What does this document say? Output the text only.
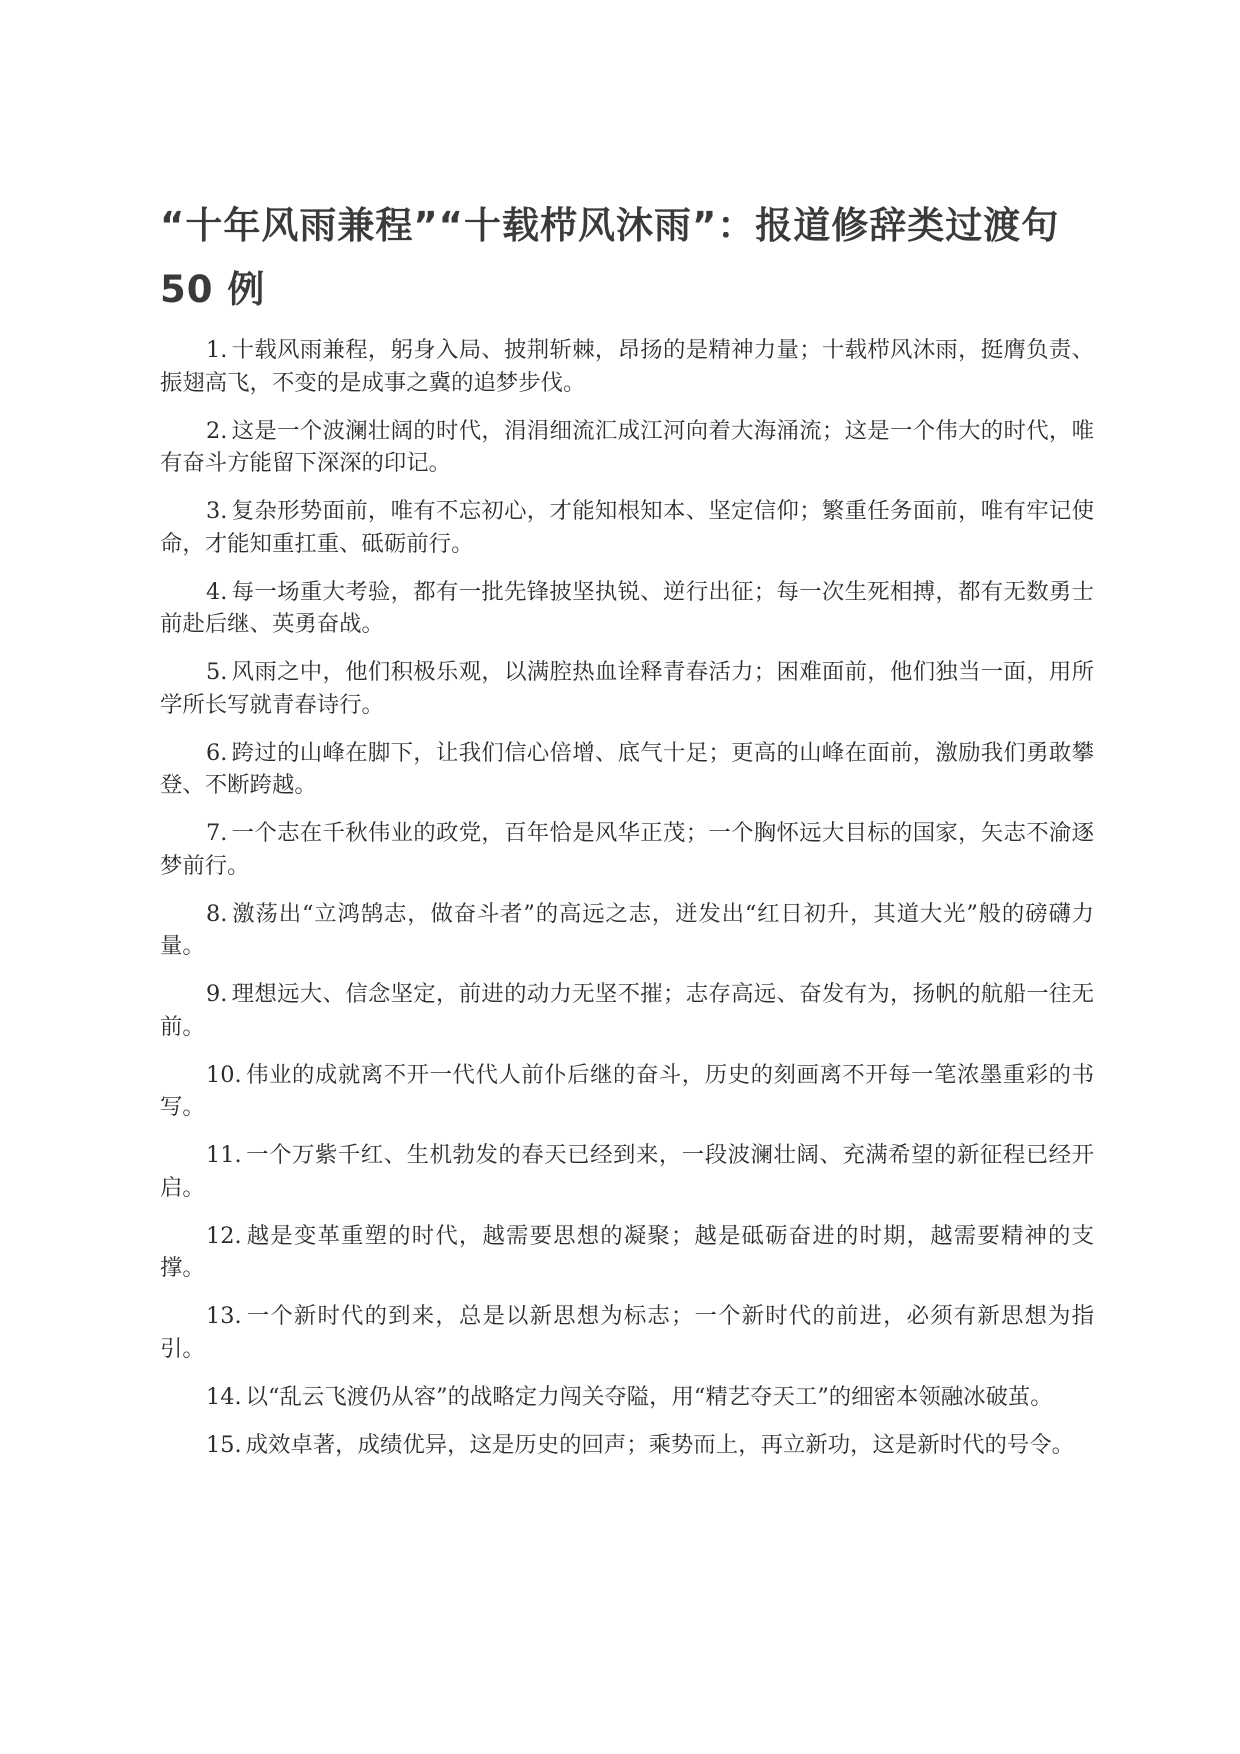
“十年风雨兼程”“十载栉风沐雨”：报道修辞类过渡句 50 例

1. 十载风雨兼程，躬身入局、披荆斩棘，昂扬的是精神力量；十载栉风沐雨，挺膺负责、振翅高飞，不变的是成事之冀的追梦步伐。

2. 这是一个波澜壮阔的时代，涓涓细流汇成江河向着大海涌流；这是一个伟大的时代，唯有奋斗方能留下深深的印记。

3. 复杂形势面前，唯有不忘初心，才能知根知本、坚定信仰；繁重任务面前，唯有牢记使命，才能知重扛重、砥砺前行。

4. 每一场重大考验，都有一批先锋披坚执锐、逆行出征；每一次生死相搏，都有无数勇士前赴后继、英勇奋战。

5. 风雨之中，他们积极乐观，以满腔热血诠释青春活力；困难面前，他们独当一面，用所学所长写就青春诗行。

6. 跨过的山峰在脚下，让我们信心倍增、底气十足；更高的山峰在面前，激励我们勇敢攀登、不断跨越。

7. 一个志在千秋伟业的政党，百年恰是风华正茂；一个胸怀远大目标的国家，矢志不渝逐梦前行。

8. 激荡出“立鸿鹄志，做奋斗者”的高远之志，迸发出“红日初升，其道大光”般的磅礴力量。

9. 理想远大、信念坚定，前进的动力无坚不摧；志存高远、奋发有为，扬帆的航船一往无前。

10. 伟业的成就离不开一代代人前仆后继的奋斗，历史的刻画离不开每一笔浓墨重彩的书写。

11. 一个万紫千红、生机勃发的春天已经到来，一段波澜壮阔、充满希望的新征程已经开启。

12. 越是变革重塑的时代，越需要思想的凝聚；越是砥砺奋进的时期，越需要精神的支撑。

13. 一个新时代的到来，总是以新思想为标志；一个新时代的前进，必须有新思想为指引。

14. 以“乱云飞渡仍从容”的战略定力闯关夺隘，用“精艺夺天工”的细密本领融冰破茧。

15. 成效卓著，成绩优异，这是历史的回声；乘势而上，再立新功，这是新时代的号令。
